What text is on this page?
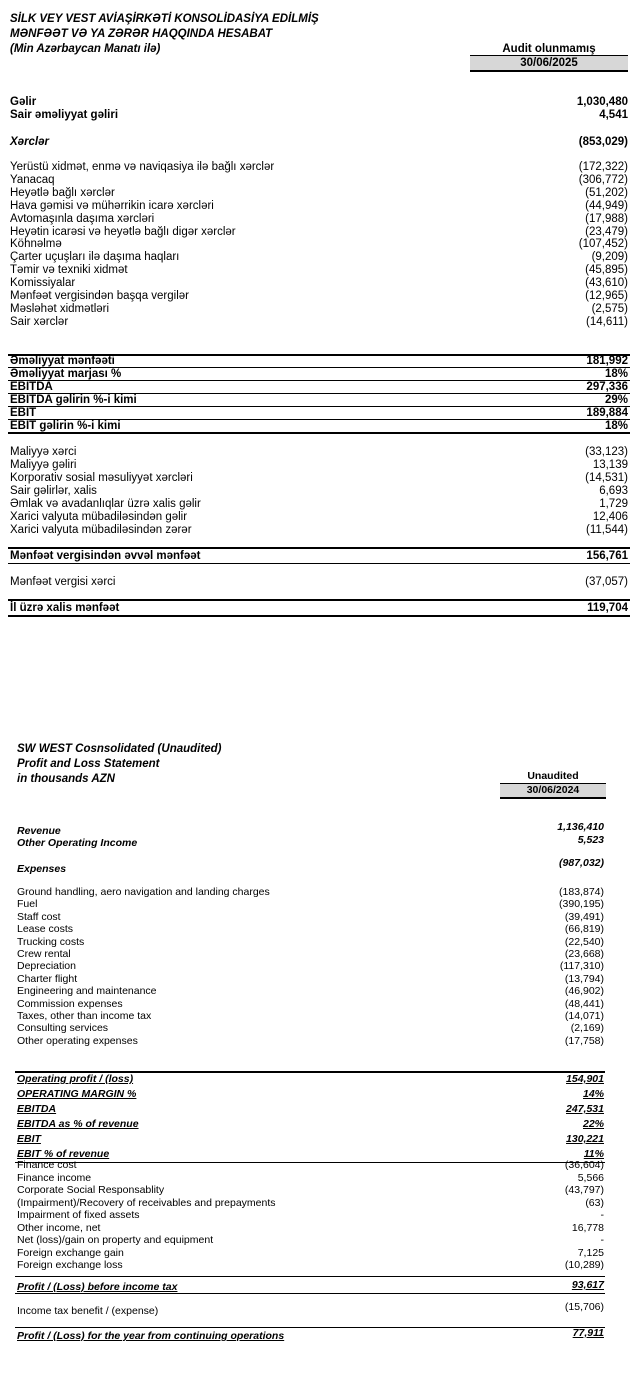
SİLK VEY VEST AVİAŞİRKƏTİ KONSOLİDASİYA EDİLMİŞ
MƏNFƏƏT VƏ YA ZƏRƏR HAQQINDA HESABAT
(Min Azərbaycan Manatı ilə)	Audit olunmamış
30/06/2025
Gəlir	1,030,480
Sair əməliyyat gəliri	4,541
Xərclər	(853,029)
Yerüstü xidmət, enmə və naviqasiya ilə bağlı xərclər	(172,322)
Yanacaq	(306,772)
Heyətlə bağlı xərclər	(51,202)
Hava gəmisi və mühərrikin icarə xərcləri	(44,949)
Avtomaşınla daşıma xərcləri	(17,988)
Heyətin icarəsi və heyətlə bağlı digər xərclər	(23,479)
Köhnəlmə	(107,452)
Çarter uçuşları ilə daşıma haqları	(9,209)
Təmir və texniki xidmət	(45,895)
Komissiyalar	(43,610)
Mənfəət vergisindən başqa vergilər	(12,965)
Məsləhət xidmətləri	(2,575)
Sair xərclər	(14,611)
Əməliyyat mənfəəti	181,992
Əməliyyat marjası %	18%
EBITDA	297,336
EBITDA gəlirin %-i kimi	29%
EBIT	189,884
EBIT gəlirin %-i kimi	18%
Maliyyə xərci	(33,123)
Maliyyə gəliri	13,139
Korporativ sosial məsuliyyət xərcləri	(14,531)
Sair gəlirlər, xalis	6,693
Əmlak və avadanlıqlar üzrə xalis gəlir	1,729
Xarici valyuta mübadiləsindən gəlir	12,406
Xarici valyuta mübadiləsindən zərər	(11,544)
Mənfəət vergisindən əvvəl mənfəət	156,761
Mənfəət vergisi xərci	(37,057)
İl üzrə xalis mənfəət	119,704
SW WEST Cosnsolidated (Unaudited)
Profit and Loss Statement
in thousands AZN	Unaudited
30/06/2024
Revenue	1,136,410
Other Operating Income	5,523
Expenses	(987,032)
Ground handling, aero navigation and landing charges	(183,874)
Fuel	(390,195)
Staff cost	(39,491)
Lease costs	(66,819)
Trucking costs	(22,540)
Crew rental	(23,668)
Depreciation	(117,310)
Charter flight	(13,794)
Engineering and maintenance	(46,902)
Commission expenses	(48,441)
Taxes, other than income tax	(14,071)
Consulting services	(2,169)
Other operating expenses	(17,758)
Operating profit / (loss)	154,901
OPERATING MARGIN %	14%
EBITDA	247,531
EBITDA as % of revenue	22%
EBIT	130,221
EBIT % of revenue	11%
Finance cost	(36,604)
Finance income	5,566
Corporate Social Responsablity	(43,797)
(Impairment)/Recovery of receivables and prepayments	(63)
Impairment of fixed assets	-
Other income, net	16,778
Net (loss)/gain on property and equipment	-
Foreign exchange gain	7,125
Foreign exchange loss	(10,289)
Profit / (Loss) before income tax	93,617
Income tax benefit / (expense)	(15,706)
Profit / (Loss) for the year from continuing operations	77,911
